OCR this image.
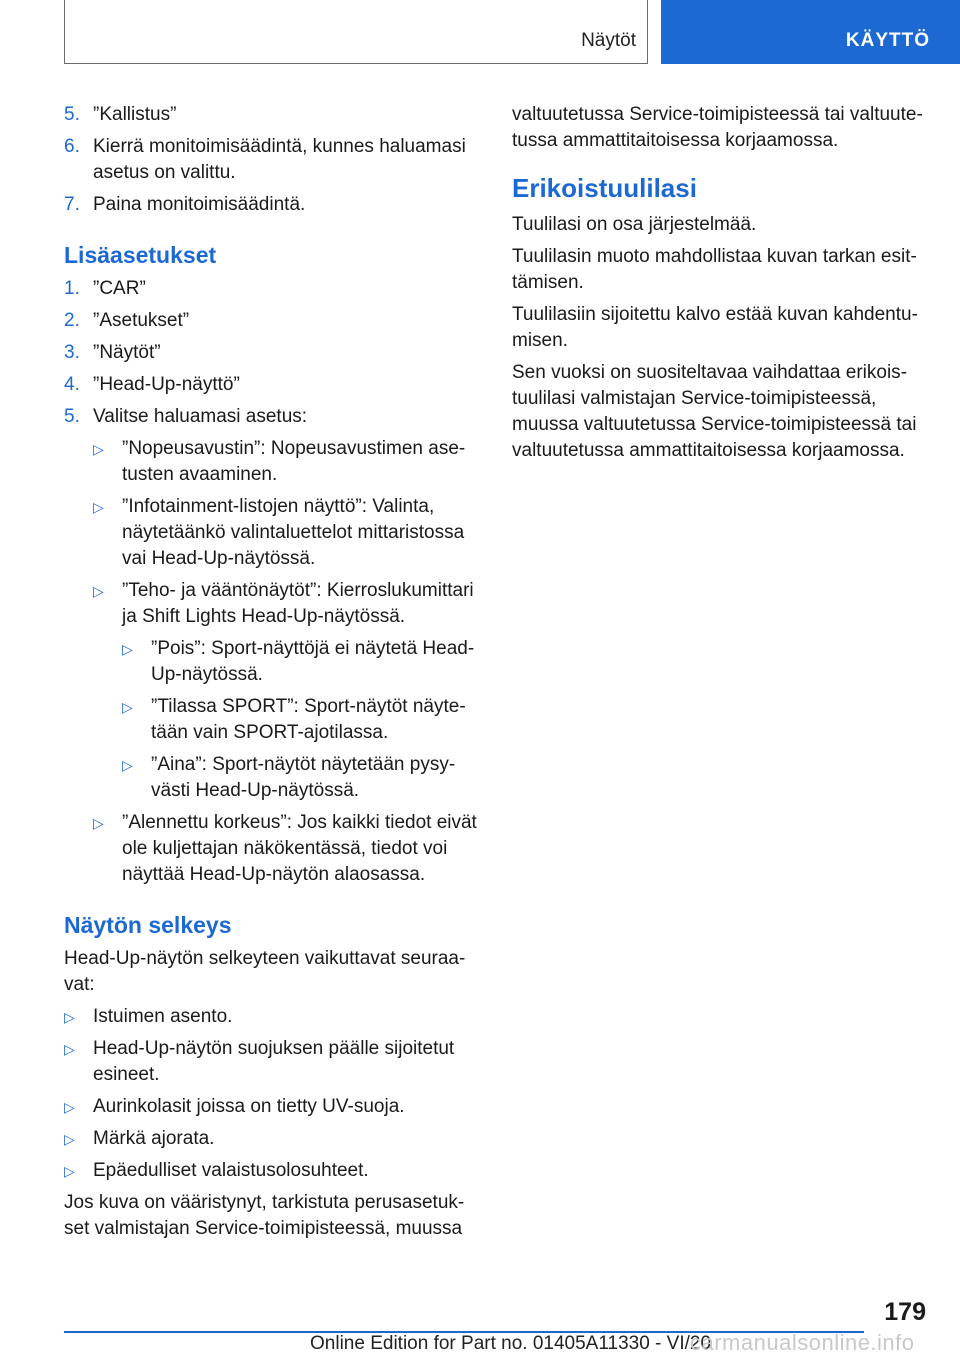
Näytöt	KÄYTTÖ
5. ”Kallistus”
6. Kierrä monitoimisäädintä, kunnes haluamasi asetus on valittu.
7. Paina monitoimisäädintä.
Lisäasetukset
1. ”CAR”
2. ”Asetukset”
3. ”Näytöt”
4. ”Head-Up-näyttö”
5. Valitse haluamasi asetus:
▷ ”Nopeusavustin”: Nopeusavustimen asetusten avaaminen.
▷ ”Infotainment-listojen näyttö”: Valinta, näytetäänkö valintaluettelot mittaristossa vai Head-Up-näytössä.
▷ ”Teho- ja vääntönäytöt”: Kierroslukumittari ja Shift Lights Head-Up-näytössä.
▷ ”Pois”: Sport-näyttöjä ei näytetä Head-Up-näytössä.
▷ ”Tilassa SPORT”: Sport-näytöt näytetään vain SPORT-ajotilassa.
▷ ”Aina”: Sport-näytöt näytetään pysyvästi Head-Up-näytössä.
▷ ”Alennettu korkeus”: Jos kaikki tiedot eivät ole kuljettajan näkökentässä, tiedot voi näyttää Head-Up-näytön alaosassa.
Näytön selkeys

Head-Up-näytön selkeyteen vaikuttavat seuraavat:

▷ Istuimen asento.
▷ Head-Up-näytön suojuksen päälle sijoitetut esineet.
▷ Aurinkolasit joissa on tietty UV-suoja.
▷ Märkä ajorata.
▷ Epäedulliset valaistusolosuhteet.

Jos kuva on vääristynyt, tarkistuta perusasetukset valmistajan Service-toimipisteessä, muussa

valtuutetussa Service-toimipisteessä tai valtuutetussa ammattitaitoisessa korjaamossa.

Erikoistuulilasi

Tuulilasi on osa järjestelmää.

Tuulilasin muoto mahdollistaa kuvan tarkan esittämisen.

Tuulilasiin sijoitettu kalvo estää kuvan kahdentumisen.

Sen vuoksi on suositeltavaa vaihdattaa erikoistuulilasi valmistajan Service-toimipisteessä, muussa valtuutetussa Service-toimipisteessä tai valtuutetussa ammattitaitoisessa korjaamossa.

179
Online Edition for Part no. 01405A11330 - VI/20
carmanualsonline.info
